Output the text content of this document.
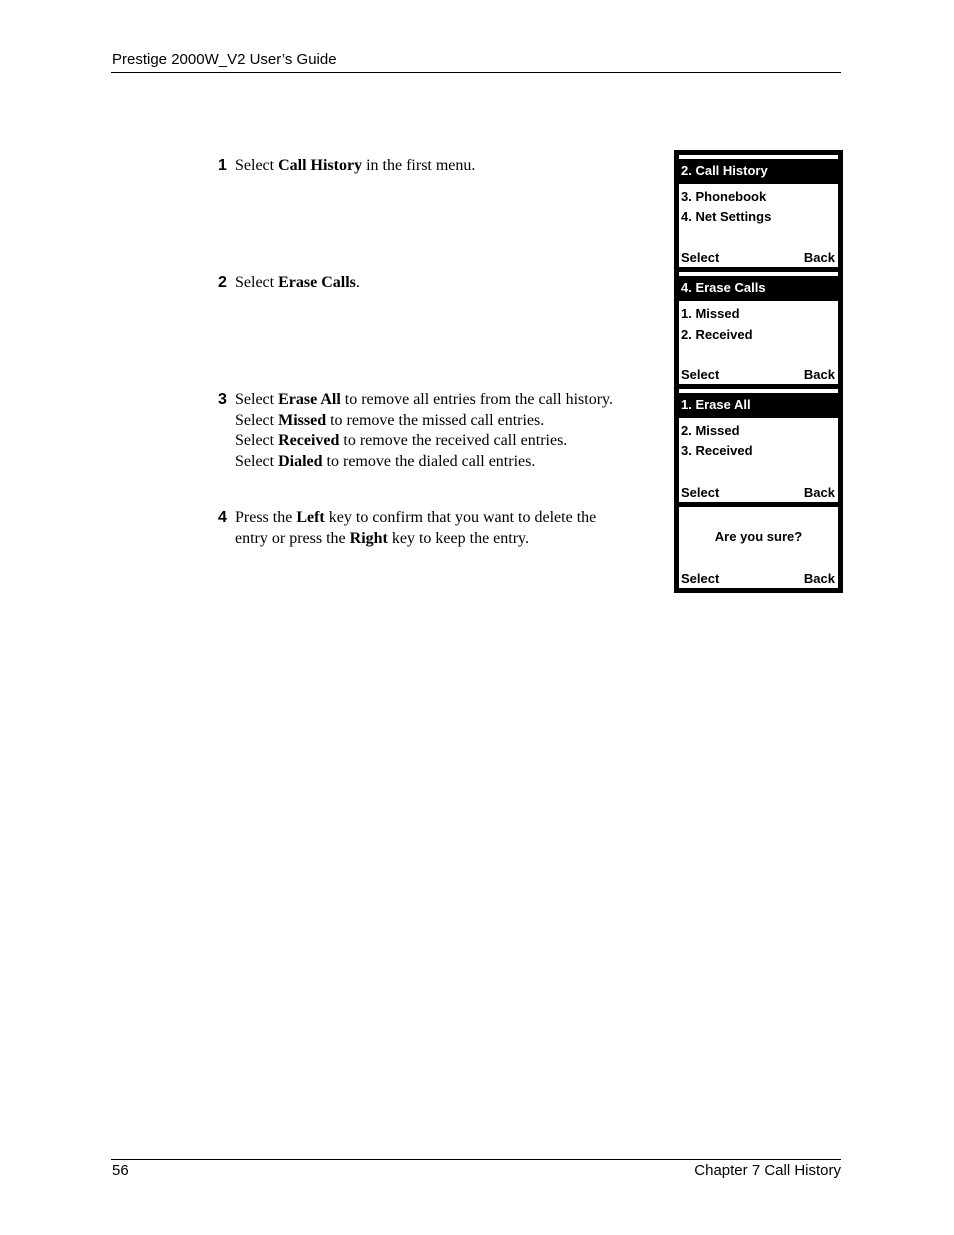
Prestige 2000W_V2 User’s Guide
1 Select Call History in the first menu.
2 Select Erase Calls.
3 Select Erase All to remove all entries from the call history.
Select Missed to remove the missed call entries.
Select Received to remove the received call entries.
Select Dialed to remove the dialed call entries.
4 Press the Left key to confirm that you want to delete the
entry or press the Right key to keep the entry.
2. Call History
3. Phonebook
4. Net Settings
Select	Back
4. Erase Calls
1. Missed
2. Received
Select	Back
1. Erase All
2. Missed
3. Received
Select	Back
Are you sure?
Select	Back
56	Chapter 7 Call History
